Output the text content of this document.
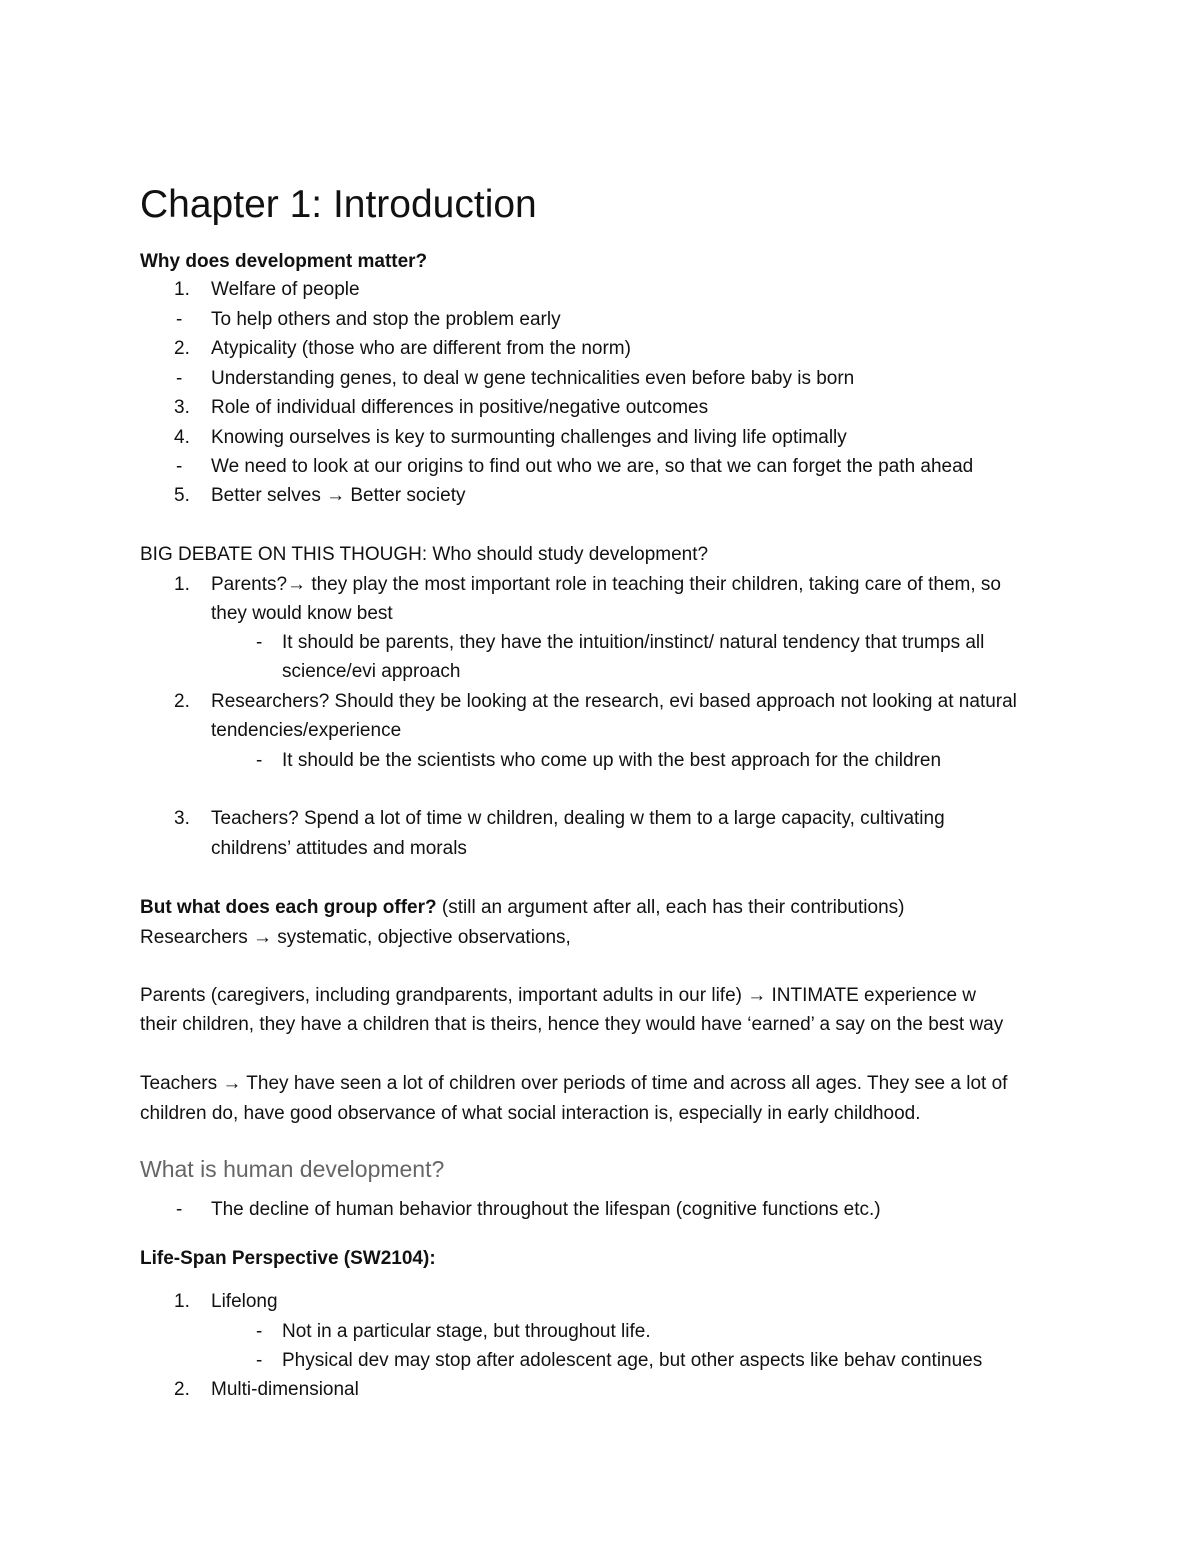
Chapter 1: Introduction
Why does development matter?
1. Welfare of people
- To help others and stop the problem early
2. Atypicality (those who are different from the norm)
- Understanding genes, to deal w gene technicalities even before baby is born
3. Role of individual differences in positive/negative outcomes
4. Knowing ourselves is key to surmounting challenges and living life optimally
- We need to look at our origins to find out who we are, so that we can forget the path ahead
5. Better selves → Better society
BIG DEBATE ON THIS THOUGH: Who should study development?
1. Parents?→ they play the most important role in teaching their children, taking care of them, so
they would know best
- It should be parents, they have the intuition/instinct/ natural tendency that trumps all
science/evi approach
2. Researchers? Should they be looking at the research, evi based approach not looking at natural
tendencies/experience
- It should be the scientists who come up with the best approach for the children
3. Teachers? Spend a lot of time w children, dealing w them to a large capacity, cultivating
childrens’ attitudes and morals
But what does each group offer? (still an argument after all, each has their contributions)
Researchers → systematic, objective observations,
Parents (caregivers, including grandparents, important adults in our life) → INTIMATE experience w
their children, they have a children that is theirs, hence they would have ‘earned’ a say on the best way
Teachers → They have seen a lot of children over periods of time and across all ages. They see a lot of
children do, have good observance of what social interaction is, especially in early childhood.
What is human development?
- The decline of human behavior throughout the lifespan (cognitive functions etc.)
Life-Span Perspective (SW2104):
1. Lifelong
- Not in a particular stage, but throughout life.
- Physical dev may stop after adolescent age, but other aspects like behav continues
2. Multi-dimensional
